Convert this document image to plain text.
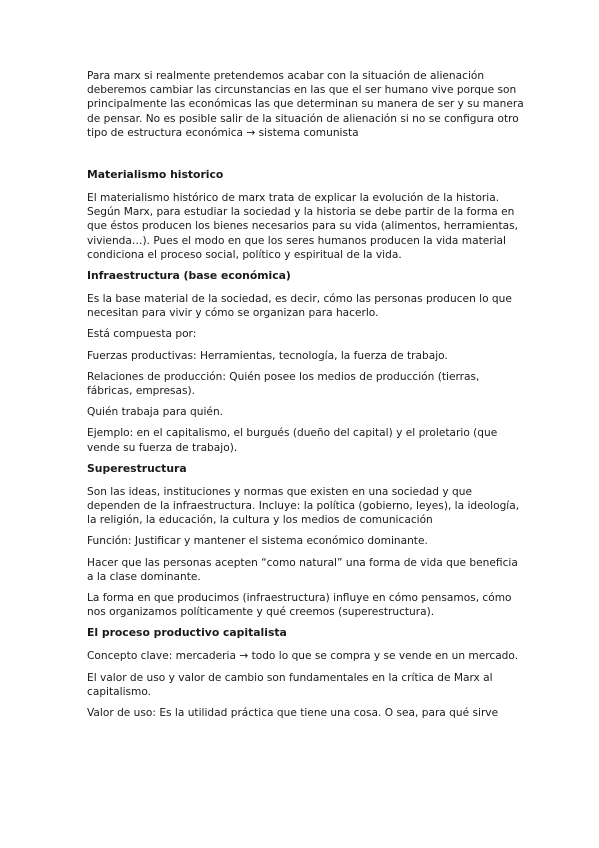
Para marx si realmente pretendemos acabar con la situación de alienación deberemos cambiar las circunstancias en las que el ser humano vive porque son principalmente las económicas las que determinan su manera de ser y su manera de pensar. No es posible salir de la situación de alienación si no se configura otro tipo de estructura económica → sistema comunista

Materialismo historico

El materialismo histórico de marx trata de explicar la evolución de la historia. Según Marx, para estudiar la sociedad y la historia se debe partir de la forma en que éstos producen los bienes necesarios para su vida (alimentos, herramientas, vivienda…). Pues el modo en que los seres humanos producen la vida material condiciona el proceso social, político y espiritual de la vida.

Infraestructura (base económica)

Es la base material de la sociedad, es decir, cómo las personas producen lo que necesitan para vivir y cómo se organizan para hacerlo.

Está compuesta por:

Fuerzas productivas: Herramientas, tecnología, la fuerza de trabajo.

Relaciones de producción: Quién posee los medios de producción (tierras, fábricas, empresas).

Quién trabaja para quién.

Ejemplo: en el capitalismo, el burgués (dueño del capital) y el proletario (que vende su fuerza de trabajo).

Superestructura

Son las ideas, instituciones y normas que existen en una sociedad y que dependen de la infraestructura. Incluye: la política (gobierno, leyes), la ideología, la religión, la educación, la cultura y los medios de comunicación

Función: Justificar y mantener el sistema económico dominante.

Hacer que las personas acepten “como natural” una forma de vida que beneficia a la clase dominante.

La forma en que producimos (infraestructura) influye en cómo pensamos, cómo nos organizamos políticamente y qué creemos (superestructura).

El proceso productivo capitalista

Concepto clave: mercaderia → todo lo que se compra y se vende en un mercado.

El valor de uso y valor de cambio son fundamentales en la crítica de Marx al capitalismo.

Valor de uso: Es la utilidad práctica que tiene una cosa. O sea, para qué sirve
